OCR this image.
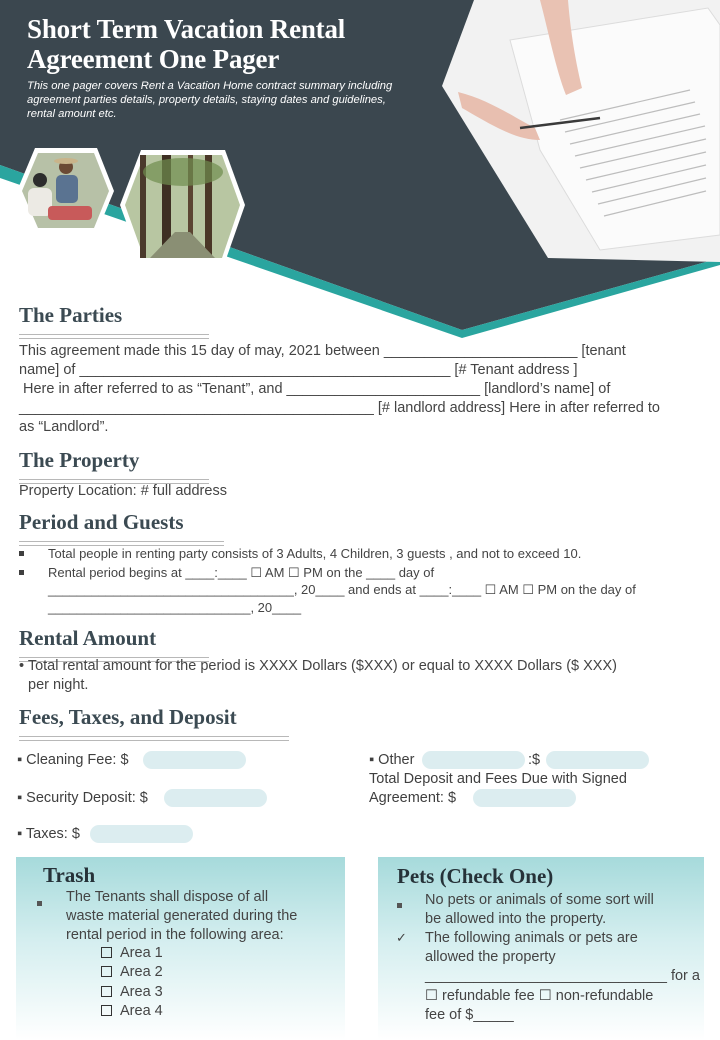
Short Term Vacation Rental Agreement One Pager
This one pager covers Rent a Vacation Home contract summary including agreement parties details, property details, staying dates and guidelines, rental amount etc.
The Parties
This agreement made this 15 day of may, 2021 between ________________________ [tenant
name] of ______________________________________________ [# Tenant address ]
Here in after referred to as “Tenant”, and ________________________ [landlord’s name] of
____________________________________________ [# landlord address] Here in after referred to
as “Landlord”.
The Property
Property Location: # full address
Period and Guests
Total people in renting party consists of 3 Adults, 4 Children, 3 guests , and not to exceed 10.
Rental period begins at ____:____ ☐ AM ☐ PM on the ____ day of
__________________________________, 20____ and ends at ____:____ ☐ AM ☐ PM on the day of
____________________________, 20____
Rental Amount
• Total rental amount for the period is XXXX Dollars ($XXX) or equal to XXXX Dollars ($ XXX)
per night.
Fees, Taxes, and Deposit
▪ Cleaning Fee: $
▪ Security Deposit: $
▪ Taxes: $
▪ Other	:$
Total Deposit and Fees Due with Signed
Agreement: $
Trash
The Tenants shall dispose of all
waste material generated during the
rental period in the following area:
Area 1
Area 2
Area 3
Area 4
Pets (Check One)
No pets or animals of some sort will
be allowed into the property.
✓ The following animals or pets are
allowed the property
______________________________ for a
☐ refundable fee ☐ non-refundable
fee of $_____
